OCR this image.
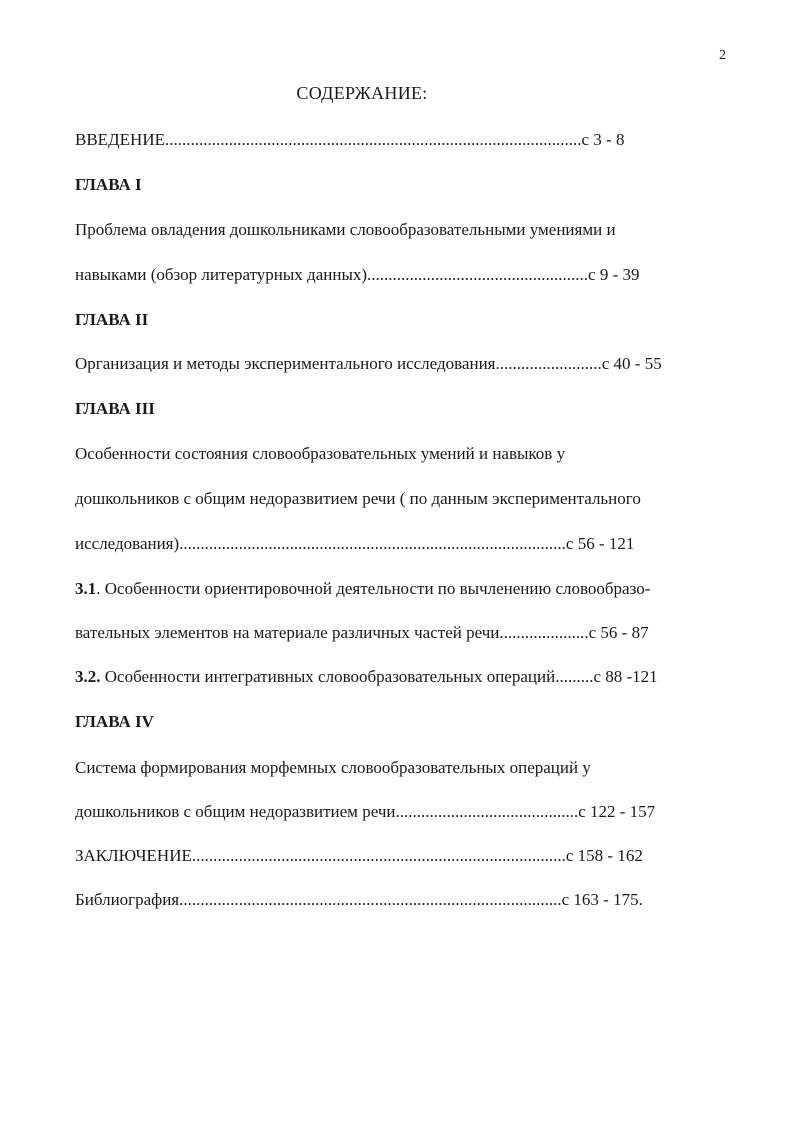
2
СОДЕРЖАНИЕ:
ВВЕДЕНИЕ..................................................................................................с 3 - 8
ГЛАВА I
Проблема овладения дошкольниками словообразовательными умениями и
навыками (обзор литературных данных)....................................................с 9 - 39
ГЛАВА II
Организация и методы экспериментального исследования.........................с 40 - 55
ГЛАВА III
Особенности состояния словообразовательных умений и навыков у
дошкольников с общим недоразвитием речи ( по данным экспериментального
исследования)...........................................................................................с 56 - 121
3.1. Особенности ориентировочной деятельности по вычленению словообразо-
вательных элементов на материале различных частей речи.....................с 56 - 87
3.2. Особенности интегративных словообразовательных операций.........с 88 -121
ГЛАВА IV
Система формирования морфемных словообразовательных операций у
дошкольников с общим недоразвитием речи...........................................с 122 - 157
ЗАКЛЮЧЕНИЕ........................................................................................с 158 - 162
Библиография..........................................................................................с 163 - 175.
